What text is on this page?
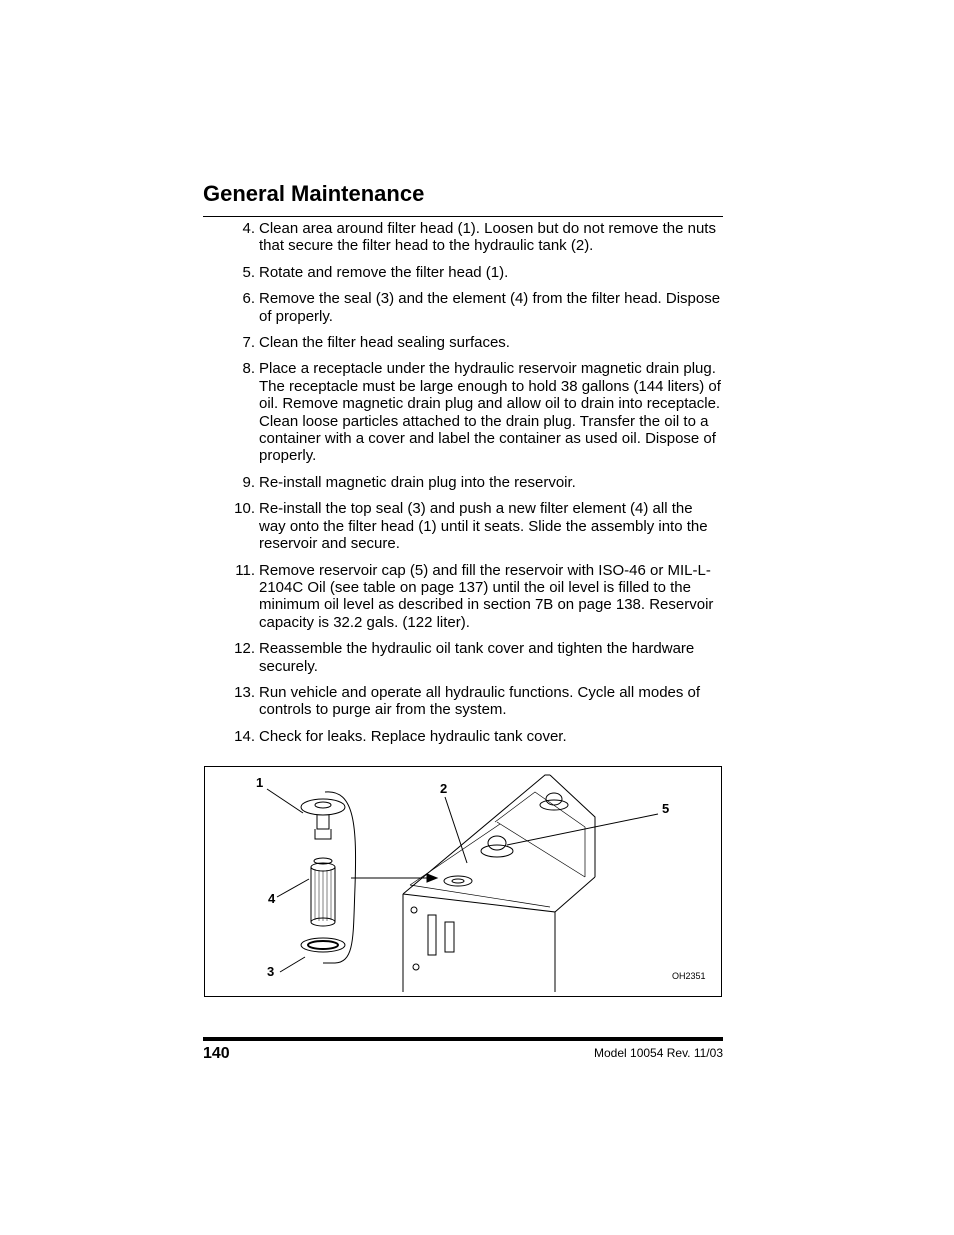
General Maintenance
4. Clean area around filter head (1). Loosen but do not remove the nuts that secure the filter head to the hydraulic tank (2).
5. Rotate and remove the filter head (1).
6. Remove the seal (3) and the element (4) from the filter head. Dispose of properly.
7. Clean the filter head sealing surfaces.
8. Place a receptacle under the hydraulic reservoir magnetic drain plug. The receptacle must be large enough to hold 38 gallons (144 liters) of oil. Remove magnetic drain plug and allow oil to drain into receptacle. Clean loose particles attached to the drain plug. Transfer the oil to a container with a cover and label the container as used oil. Dispose of properly.
9. Re-install magnetic drain plug into the reservoir.
10. Re-install the top seal (3) and push a new filter element (4) all the way onto the filter head (1) until it seats. Slide the assembly into the reservoir and secure.
11. Remove reservoir cap (5) and fill the reservoir with ISO-46 or MIL-L-2104C Oil (see table on page 137) until the oil level is filled to the minimum oil level as described in section 7B on page 138. Reservoir capacity is 32.2 gals. (122 liter).
12. Reassemble the hydraulic oil tank cover and tighten the hardware securely.
13. Run vehicle and operate all hydraulic functions. Cycle all modes of controls to purge air from the system.
14. Check for leaks. Replace hydraulic tank cover.
1	2
5
4
3	OH2351
140	Model 10054 Rev. 11/03
